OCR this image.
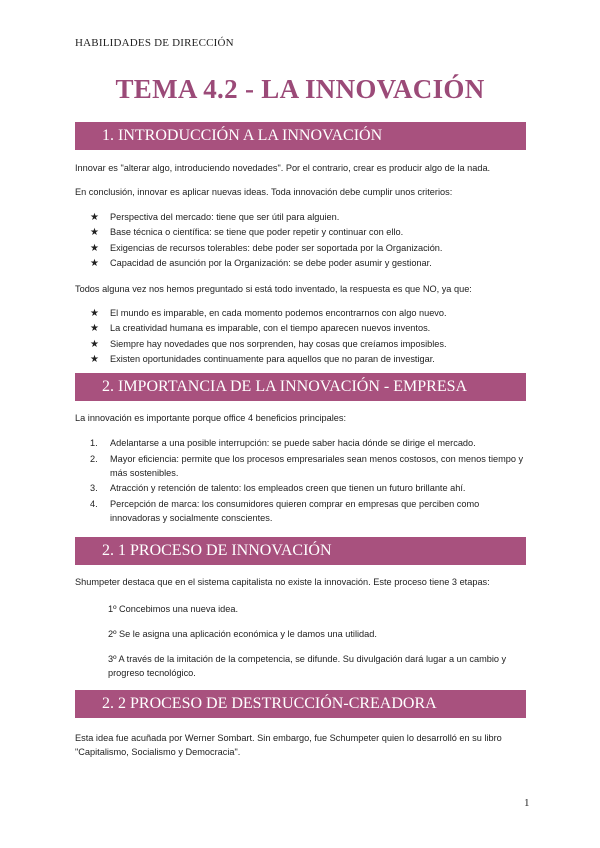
HABILIDADES DE DIRECCIÓN
TEMA 4.2 - LA INNOVACIÓN
1. INTRODUCCIÓN A LA INNOVACIÓN
Innovar es "alterar algo, introduciendo novedades". Por el contrario, crear es producir algo de la nada.
En conclusión, innovar es aplicar nuevas ideas. Toda innovación debe cumplir unos criterios:
★ Perspectiva del mercado: tiene que ser útil para alguien.
★ Base técnica o científica: se tiene que poder repetir y continuar con ello.
★ Exigencias de recursos tolerables: debe poder ser soportada por la Organización.
★ Capacidad de asunción por la Organización: se debe poder asumir y gestionar.
Todos alguna vez nos hemos preguntado si está todo inventado, la respuesta es que NO, ya que:
★ El mundo es imparable, en cada momento podemos encontrarnos con algo nuevo.
★ La creatividad humana es imparable, con el tiempo aparecen nuevos inventos.
★ Siempre hay novedades que nos sorprenden, hay cosas que creíamos imposibles.
★ Existen oportunidades continuamente para aquellos que no paran de investigar.
2. IMPORTANCIA DE LA INNOVACIÓN - EMPRESA
La innovación es importante porque office 4 beneficios principales:
1. Adelantarse a una posible interrupción: se puede saber hacia dónde se dirige el mercado.
2. Mayor eficiencia: permite que los procesos empresariales sean menos costosos, con menos tiempo y más sostenibles.
3. Atracción y retención de talento: los empleados creen que tienen un futuro brillante ahí.
4. Percepción de marca: los consumidores quieren comprar en empresas que perciben como innovadoras y socialmente conscientes.
2. 1 PROCESO DE INNOVACIÓN
Shumpeter destaca que en el sistema capitalista no existe la innovación. Este proceso tiene 3 etapas:
1º Concebimos una nueva idea.
2º Se le asigna una aplicación económica y le damos una utilidad.
3º A través de la imitación de la competencia, se difunde. Su divulgación dará lugar a un cambio y progreso tecnológico.
2. 2 PROCESO DE DESTRUCCIÓN-CREADORA
Esta idea fue acuñada por Werner Sombart. Sin embargo, fue Schumpeter quien lo desarrolló en su libro "Capitalismo, Socialismo y Democracia".
1
